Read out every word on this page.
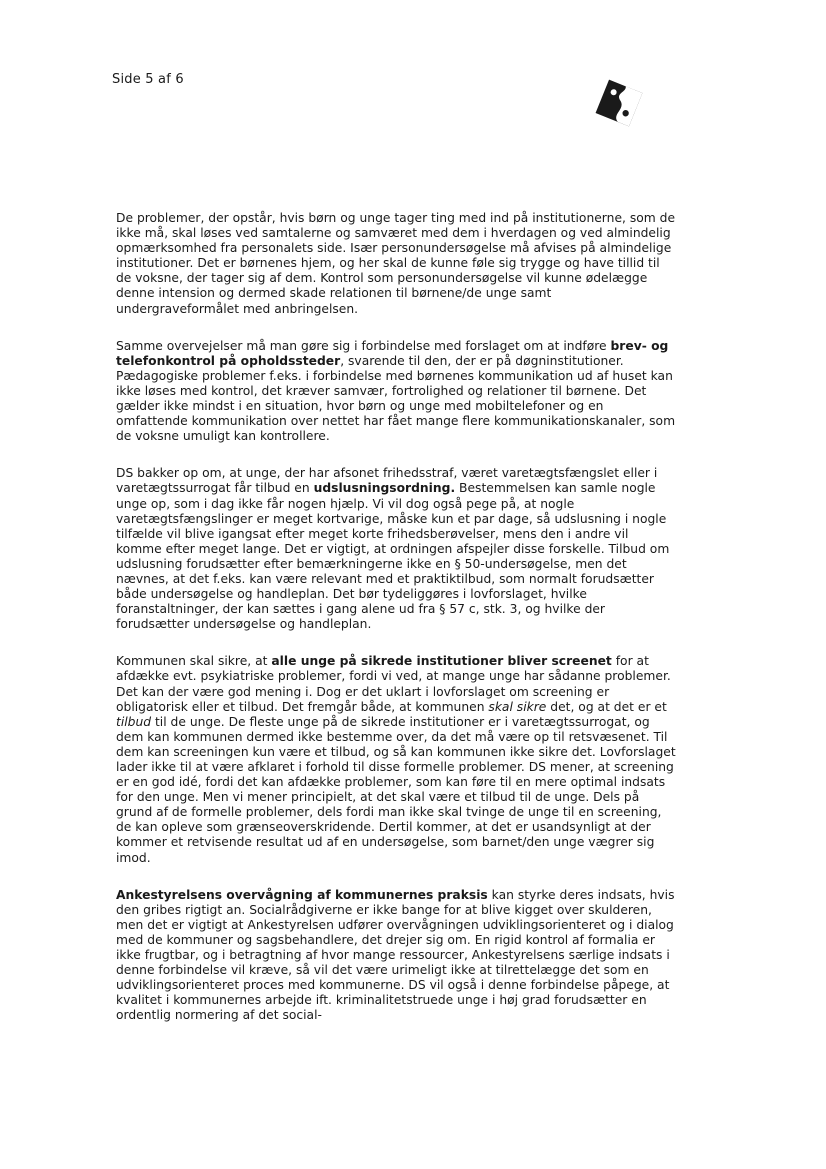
Side 5 af 6

De problemer, der opstår, hvis børn og unge tager ting med ind på institutionerne, som de ikke må, skal løses ved samtalerne og samværet med dem i hverdagen og ved almindelig opmærksomhed fra personalets side. Især personundersøgelse må afvises på almindelige institutioner. Det er børnenes hjem, og her skal de kunne føle sig trygge og have tillid til de voksne, der tager sig af dem. Kontrol som personundersøgelse vil kunne ødelægge denne intension og dermed skade relationen til børnene/de unge samt undergraveformålet med anbringelsen.

Samme overvejelser må man gøre sig i forbindelse med forslaget om at indføre brev- og telefonkontrol på opholdssteder, svarende til den, der er på døgninstitutioner. Pædagogiske problemer f.eks. i forbindelse med børnenes kommunikation ud af huset kan ikke løses med kontrol, det kræver samvær, fortrolighed og relationer til børnene. Det gælder ikke mindst i en situation, hvor børn og unge med mobiltelefoner og en omfattende kommunikation over nettet har fået mange flere kommunikationskanaler, som de voksne umuligt kan kontrollere.

DS bakker op om, at unge, der har afsonet frihedsstraf, været varetægtsfængslet eller i varetægtssurrogat får tilbud en udslusningsordning. Bestemmelsen kan samle nogle unge op, som i dag ikke får nogen hjælp. Vi vil dog også pege på, at nogle varetægtsfængslinger er meget kortvarige, måske kun et par dage, så udslusning i nogle tilfælde vil blive igangsat efter meget korte frihedsberøvelser, mens den i andre vil komme efter meget lange. Det er vigtigt, at ordningen afspejler disse forskelle. Tilbud om udslusning forudsætter efter bemærkningerne ikke en § 50-undersøgelse, men det nævnes, at det f.eks. kan være relevant med et praktiktilbud, som normalt forudsætter både undersøgelse og handleplan. Det bør tydeliggøres i lovforslaget, hvilke foranstaltninger, der kan sættes i gang alene ud fra § 57 c, stk. 3, og hvilke der forudsætter undersøgelse og handleplan.

Kommunen skal sikre, at alle unge på sikrede institutioner bliver screenet for at afdække evt. psykiatriske problemer, fordi vi ved, at mange unge har sådanne problemer. Det kan der være god mening i. Dog er det uklart i lovforslaget om screening er obligatorisk eller et tilbud. Det fremgår både, at kommunen skal sikre det, og at det er et tilbud til de unge. De fleste unge på de sikrede institutioner er i varetægtssurrogat, og dem kan kommunen dermed ikke bestemme over, da det må være op til retsvæsenet. Til dem kan screeningen kun være et tilbud, og så kan kommunen ikke sikre det. Lovforslaget lader ikke til at være afklaret i forhold til disse formelle problemer. DS mener, at screening er en god idé, fordi det kan afdække problemer, som kan føre til en mere optimal indsats for den unge. Men vi mener principielt, at det skal være et tilbud til de unge. Dels på grund af de formelle problemer, dels fordi man ikke skal tvinge de unge til en screening, de kan opleve som grænseoverskridende. Dertil kommer, at det er usandsynligt at der kommer et retvisende resultat ud af en undersøgelse, som barnet/den unge vægrer sig imod.

Ankestyrelsens overvågning af kommunernes praksis kan styrke deres indsats, hvis den gribes rigtigt an. Socialrådgiverne er ikke bange for at blive kigget over skulderen, men det er vigtigt at Ankestyrelsen udfører overvågningen udviklingsorienteret og i dialog med de kommuner og sagsbehandlere, det drejer sig om. En rigid kontrol af formalia er ikke frugtbar, og i betragtning af hvor mange ressourcer, Ankestyrelsens særlige indsats i denne forbindelse vil kræve, så vil det være urimeligt ikke at tilrettelægge det som en udviklingsorienteret proces med kommunerne. DS vil også i denne forbindelse påpege, at kvalitet i kommunernes arbejde ift. kriminalitetstruede unge i høj grad forudsætter en ordentlig normering af det social-
